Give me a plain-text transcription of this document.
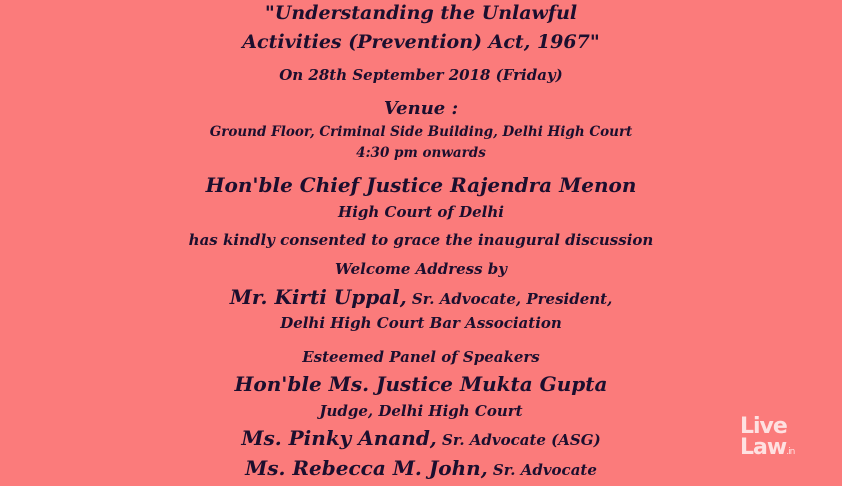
"Understanding the Unlawful
Activities (Prevention) Act, 1967"
On 28th September 2018 (Friday)
Venue :
Ground Floor, Criminal Side Building, Delhi High Court
4:30 pm onwards
Hon'ble Chief Justice Rajendra Menon
High Court of Delhi
has kindly consented to grace the inaugural discussion
Welcome Address by
Mr. Kirti Uppal, Sr. Advocate, President,
Delhi High Court Bar Association
Esteemed Panel of Speakers
Hon'ble Ms. Justice Mukta Gupta
Judge, Delhi High Court
Ms. Pinky Anand, Sr. Advocate (ASG)
Ms. Rebecca M. John, Sr. Advocate
Live
Law.in
